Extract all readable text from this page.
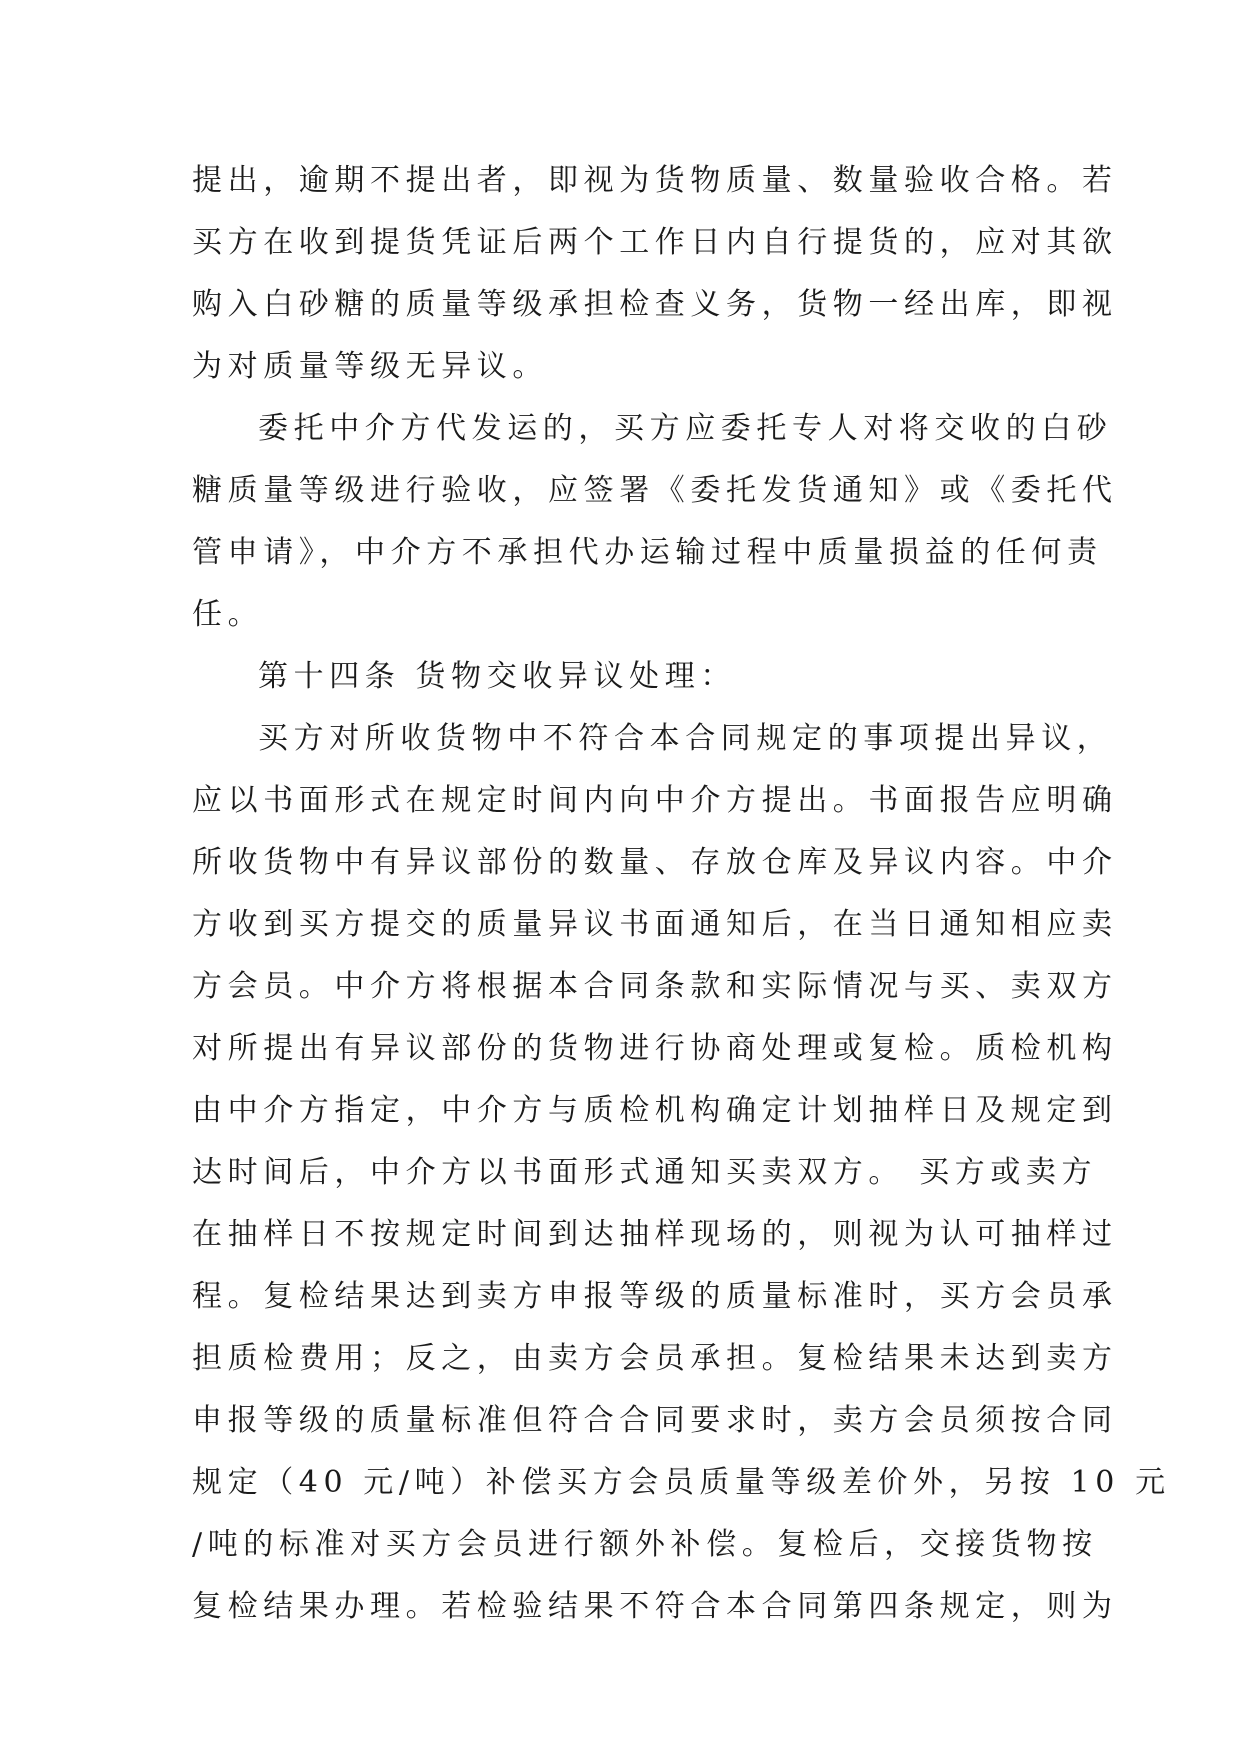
提出，逾期不提出者，即视为货物质量、数量验收合格。若
买方在收到提货凭证后两个工作日内自行提货的，应对其欲
购入白砂糖的质量等级承担检查义务，货物一经出库，即视
为对质量等级无异议。
委托中介方代发运的，买方应委托专人对将交收的白砂
糖质量等级进行验收，应签署《委托发货通知》或《委托代
管申请》，中介方不承担代办运输过程中质量损益的任何责
任。
第十四条 货物交收异议处理：
买方对所收货物中不符合本合同规定的事项提出异议，
应以书面形式在规定时间内向中介方提出。书面报告应明确
所收货物中有异议部份的数量、存放仓库及异议内容。中介
方收到买方提交的质量异议书面通知后，在当日通知相应卖
方会员。中介方将根据本合同条款和实际情况与买、卖双方
对所提出有异议部份的货物进行协商处理或复检。质检机构
由中介方指定，中介方与质检机构确定计划抽样日及规定到
达时间后，中介方以书面形式通知买卖双方。 买方或卖方
在抽样日不按规定时间到达抽样现场的，则视为认可抽样过
程。复检结果达到卖方申报等级的质量标准时，买方会员承
担质检费用；反之，由卖方会员承担。复检结果未达到卖方
申报等级的质量标准但符合合同要求时，卖方会员须按合同
规定（40 元/吨）补偿买方会员质量等级差价外，另按 10 元
/吨的标准对买方会员进行额外补偿。复检后，交接货物按
复检结果办理。若检验结果不符合本合同第四条规定，则为
